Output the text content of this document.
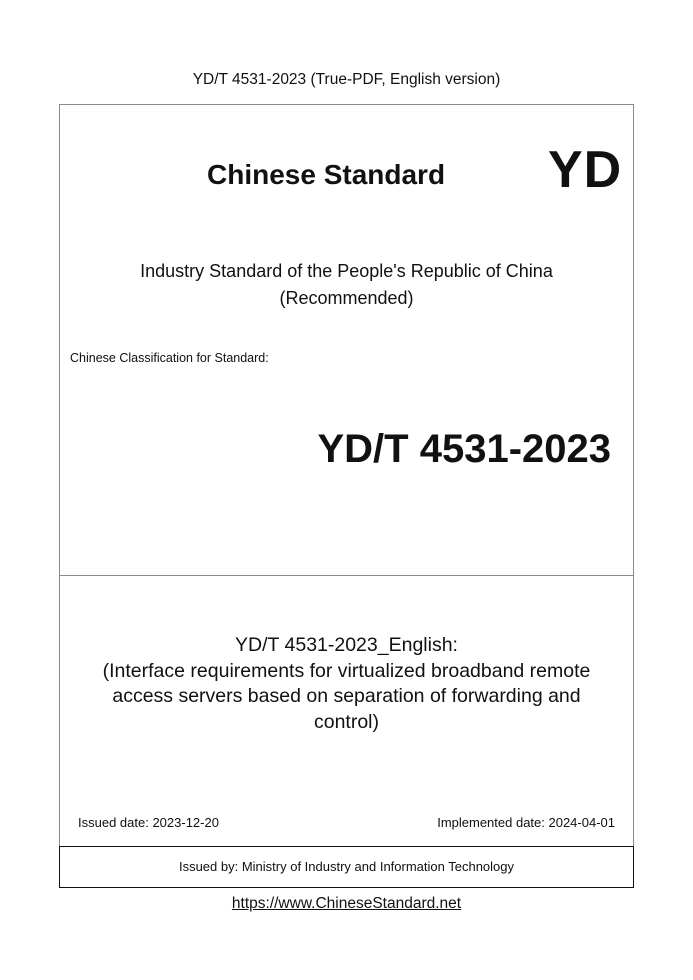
YD/T 4531-2023 (True-PDF, English version)
Chinese Standard YD
Industry Standard of the People's Republic of China
(Recommended)
Chinese Classification for Standard:
YD/T 4531-2023
YD/T 4531-2023_English:
(Interface requirements for virtualized broadband remote
access servers based on separation of forwarding and
control)
Issued date: 2023-12-20	Implemented date: 2024-04-01
Issued by: Ministry of Industry and Information Technology
https://www.ChineseStandard.net
